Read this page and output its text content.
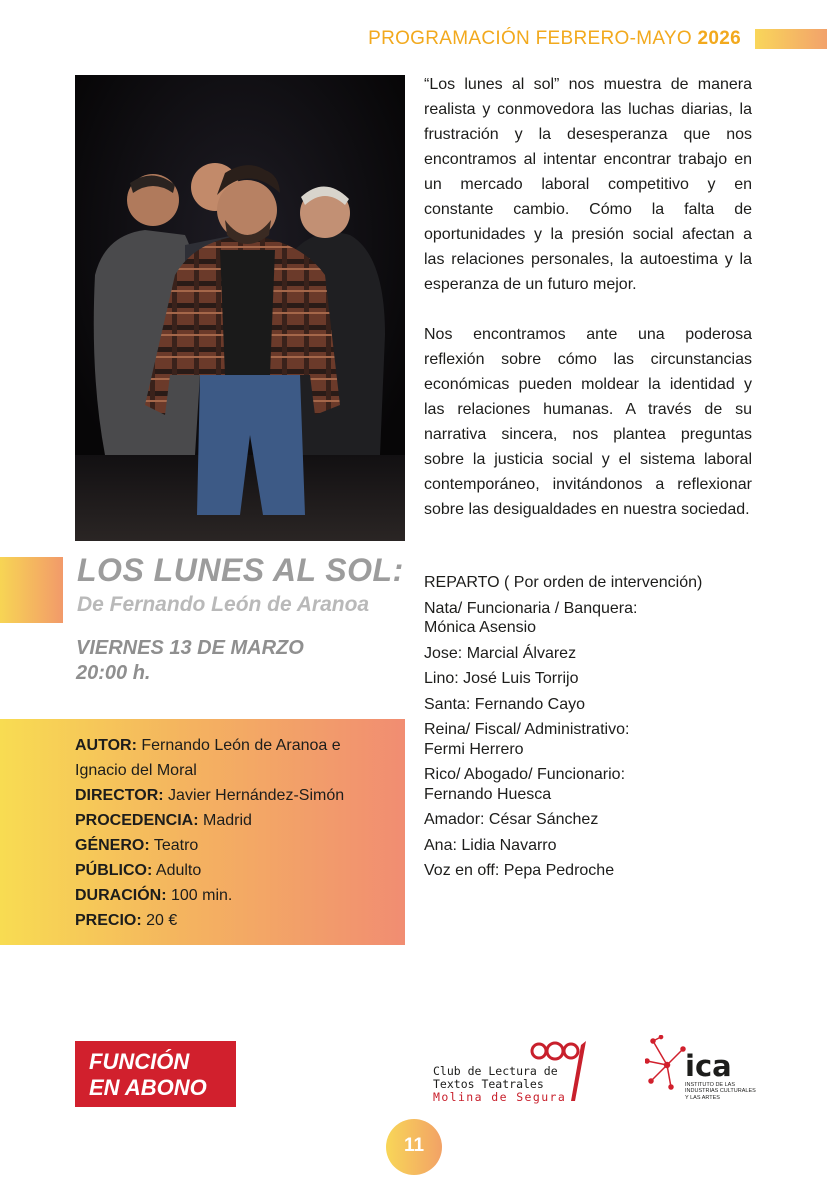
PROGRAMACIÓN FEBRERO-MAYO 2026
LOS LUNES AL SOL:
De Fernando León de Aranoa
VIERNES 13 DE MARZO
20:00 h.
AUTOR: Fernando León de Aranoa e Ignacio del Moral
DIRECTOR: Javier Hernández-Simón
PROCEDENCIA: Madrid
GÉNERO: Teatro
PÚBLICO: Adulto
DURACIÓN: 100 min.
PRECIO: 20 €

“Los lunes al sol” nos muestra de manera realista y conmovedora las luchas diarias, la frustración y la desesperanza que nos encontramos al intentar encontrar trabajo en un mercado laboral competitivo y en constante cambio. Cómo la falta de oportunidades y la presión social afectan a las relaciones personales, la autoestima y la esperanza de un futuro mejor.

Nos encontramos ante una poderosa reflexión sobre cómo las circunstancias económicas pueden moldear la identidad y las relaciones humanas. A través de su narrativa sincera, nos plantea preguntas sobre la justicia social y el sistema laboral contemporáneo, invitándonos a reflexionar sobre las desigualdades en nuestra sociedad.

REPARTO ( Por orden de intervención)
Nata/ Funcionaria / Banquera:
Mónica Asensio
Jose: Marcial Álvarez
Lino: José Luis Torrijo
Santa: Fernando Cayo
Reina/ Fiscal/ Administrativo:
Fermi Herrero
Rico/ Abogado/ Funcionario:
Fernando Huesca
Amador: César Sánchez
Ana: Lidia Navarro
Voz en off: Pepa Pedroche
FUNCIÓN
EN ABONO
Club de Lectura de
Textos Teatrales
Molina de Segura
ica
INSTITUTO DE LAS INDUSTRIAS CULTURALES Y LAS ARTES
11
